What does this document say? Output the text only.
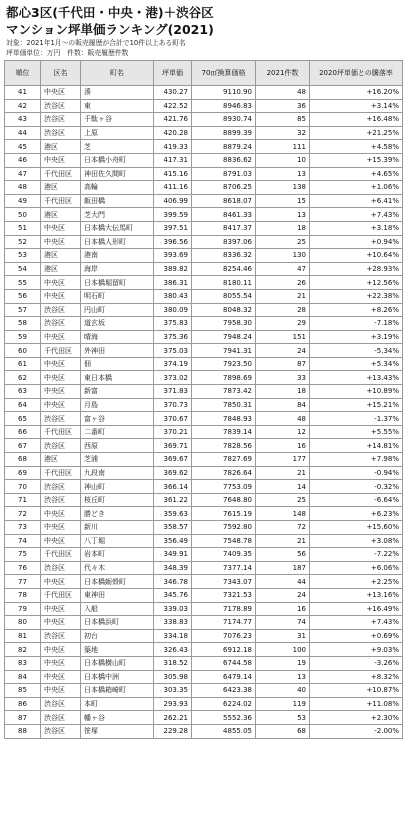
都心3区(千代田・中央・港)＋渋谷区
マンション坪単価ランキング(2021)
対象：2021年1月〜の販売履歴が合計で10件以上ある町名
坪単価単位：万円　件数：販売履歴件数
順位	区名	町名	坪単価	70㎡換算価格	2021件数	2020坪単価との騰落率
41	中央区	湊	430.27	9110.90	48	+16.20%
42	渋谷区	東	422.52	8946.83	36	+3.14%
43	渋谷区	千駄ヶ谷	421.76	8930.74	85	+16.48%
44	渋谷区	上原	420.28	8899.39	32	+21.25%
45	港区	芝	419.33	8879.24	111	+4.58%
46	中央区	日本橋小舟町	417.31	8836.62	10	+15.39%
47	千代田区	神田佐久間町	415.16	8791.03	13	+4.65%
48	港区	高輪	411.16	8706.25	138	+1.06%
49	千代田区	飯田橋	406.99	8618.07	15	+6.41%
50	港区	芝大門	399.59	8461.33	13	+7.43%
51	中央区	日本橋大伝馬町	397.51	8417.37	18	+3.18%
52	中央区	日本橋人形町	396.56	8397.06	25	+0.94%
53	港区	港南	393.69	8336.32	130	+10.64%
54	港区	海岸	389.82	8254.46	47	+28.93%
55	中央区	日本橋堀留町	386.31	8180.11	26	+12.56%
56	中央区	明石町	380.43	8055.54	21	+22.38%
57	渋谷区	円山町	380.09	8048.32	28	+8.26%
58	渋谷区	道玄坂	375.83	7958.30	29	-7.18%
59	中央区	晴海	375.36	7948.24	151	+3.19%
60	千代田区	外神田	375.03	7941.31	24	-5.34%
61	中央区	佃	374.19	7923.50	87	+5.34%
62	中央区	東日本橋	373.02	7898.69	33	+13.43%
63	中央区	新富	371.83	7873.42	18	+10.89%
64	中央区	月島	370.73	7850.31	84	+15.21%
65	渋谷区	富ヶ谷	370.67	7848.93	48	-1.37%
66	千代田区	二番町	370.21	7839.14	12	+5.55%
67	渋谷区	西原	369.71	7828.56	16	+14.81%
68	港区	芝浦	369.67	7827.69	177	+7.98%
69	千代田区	九段南	369.62	7826.64	21	-0.94%
70	渋谷区	神山町	366.14	7753.09	14	-0.32%
71	渋谷区	桜丘町	361.22	7648.80	25	-6.64%
72	中央区	勝どき	359.63	7615.19	148	+6.23%
73	中央区	新川	358.57	7592.80	72	+15.60%
74	中央区	八丁堀	356.49	7548.78	21	+3.08%
75	千代田区	岩本町	349.91	7409.35	56	-7.22%
76	渋谷区	代々木	348.39	7377.14	187	+6.06%
77	中央区	日本橋蛎殻町	346.78	7343.07	44	+2.25%
78	千代田区	東神田	345.76	7321.53	24	+13.16%
79	中央区	入船	339.03	7178.89	16	+16.49%
80	中央区	日本橋浜町	338.83	7174.77	74	+7.43%
81	渋谷区	初台	334.18	7076.23	31	+0.69%
82	中央区	築地	326.43	6912.18	100	+9.03%
83	中央区	日本橋横山町	318.52	6744.58	19	-3.26%
84	中央区	日本橋中洲	305.98	6479.14	13	+8.32%
85	中央区	日本橋箱崎町	303.35	6423.38	40	+10.87%
86	渋谷区	本町	293.93	6224.02	119	+11.08%
87	渋谷区	幡ヶ谷	262.21	5552.36	53	+2.30%
88	渋谷区	笹塚	229.28	4855.05	68	-2.00%
